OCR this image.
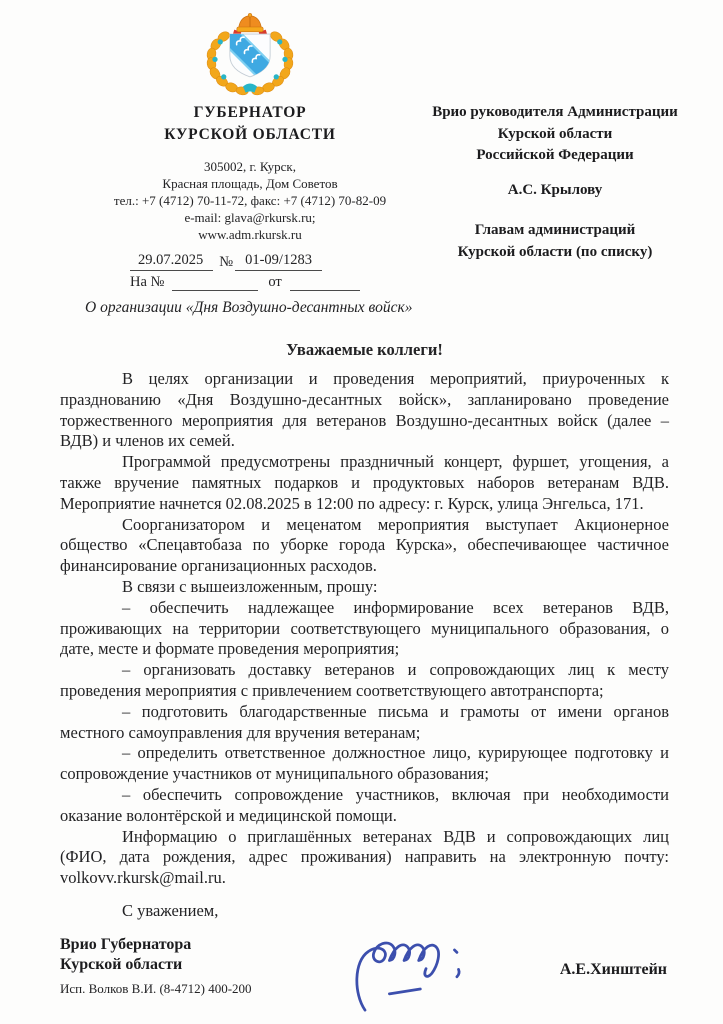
ГУБЕРНАТОР
КУРСКОЙ ОБЛАСТИ
305002, г. Курск,
Красная площадь, Дом Советов
тел.: +7 (4712) 70-11-72, факс: +7 (4712) 70-82-09
e-mail: glava@rkursk.ru;
www.adm.rkursk.ru
29.07.2025	№ 01-09/1283
На №	от
Врио руководителя Администрации
Курской области
Российской Федерации
А.С. Крылову
Главам администраций
Курской области (по списку)
О организации «Дня Воздушно-десантных войск»
Уважаемые коллеги!

В целях организации и проведения мероприятий, приуроченных к празднованию «Дня Воздушно-десантных войск», запланировано проведение торжественного мероприятия для ветеранов Воздушно-десантных войск (далее – ВДВ) и членов их семей.

Программой предусмотрены праздничный концерт, фуршет, угощения, а также вручение памятных подарков и продуктовых наборов ветеранам ВДВ. Мероприятие начнется 02.08.2025 в 12:00 по адресу: г. Курск, улица Энгельса, 171.

Соорганизатором и меценатом мероприятия выступает Акционерное общество «Спецавтобаза по уборке города Курска», обеспечивающее частичное финансирование организационных расходов.

В связи с вышеизложенным, прошу:

– обеспечить надлежащее информирование всех ветеранов ВДВ, проживающих на территории соответствующего муниципального образования, о дате, месте и формате проведения мероприятия;

– организовать доставку ветеранов и сопровождающих лиц к месту проведения мероприятия с привлечением соответствующего автотранспорта;

– подготовить благодарственные письма и грамоты от имени органов местного самоуправления для вручения ветеранам;

– определить ответственное должностное лицо, курирующее подготовку и сопровождение участников от муниципального образования;

– обеспечить сопровождение участников, включая при необходимости оказание волонтёрской и медицинской помощи.

Информацию о приглашённых ветеранах ВДВ и сопровождающих лиц (ФИО, дата рождения, адрес проживания) направить на электронную почту: volkovv.rkursk@mail.ru.

С уважением,
Врио Губернатора
Курской области
Исп. Волков В.И. (8-4712) 400-200
А.Е.Хинштейн
